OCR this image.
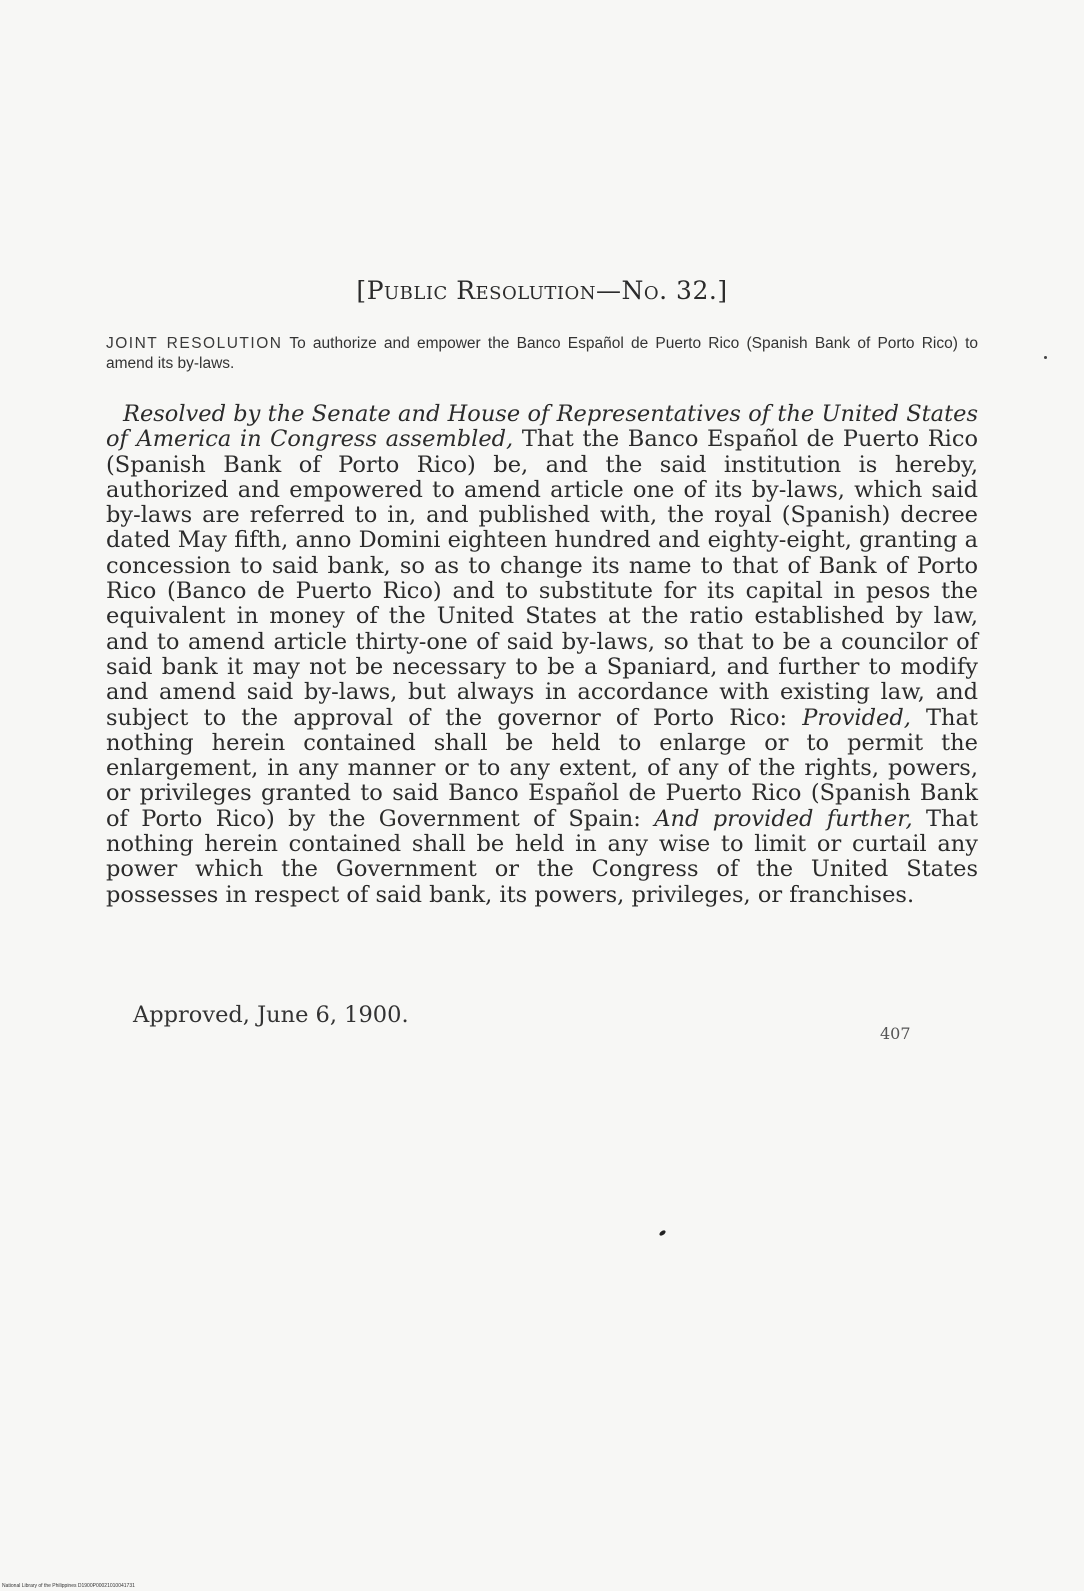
[Public Resolution—No. 32.]
JOINT RESOLUTION To authorize and empower the Banco Español de Puerto Rico (Spanish Bank of Porto Rico) to amend its by-laws.
Resolved by the Senate and House of Representatives of the United States of America in Congress assembled, That the Banco Español de Puerto Rico (Spanish Bank of Porto Rico) be, and the said institution is hereby, authorized and empowered to amend article one of its by-laws, which said by-laws are referred to in, and published with, the royal (Spanish) decree dated May fifth, anno Domini eighteen hundred and eighty-eight, granting a concession to said bank, so as to change its name to that of Bank of Porto Rico (Banco de Puerto Rico) and to substitute for its capital in pesos the equivalent in money of the United States at the ratio established by law, and to amend article thirty-one of said by-laws, so that to be a councilor of said bank it may not be necessary to be a Spaniard, and further to modify and amend said by-laws, but always in accordance with existing law, and subject to the approval of the governor of Porto Rico: Provided, That nothing herein contained shall be held to enlarge or to permit the enlargement, in any manner or to any extent, of any of the rights, powers, or privileges granted to said Banco Español de Puerto Rico (Spanish Bank of Porto Rico) by the Government of Spain: And provided further, That nothing herein contained shall be held in any wise to limit or curtail any power which the Government or the Congress of the United States possesses in respect of said bank, its powers, privileges, or franchises.
Approved, June 6, 1900.
407
National Library of the Philippines D1900P00021010041731
